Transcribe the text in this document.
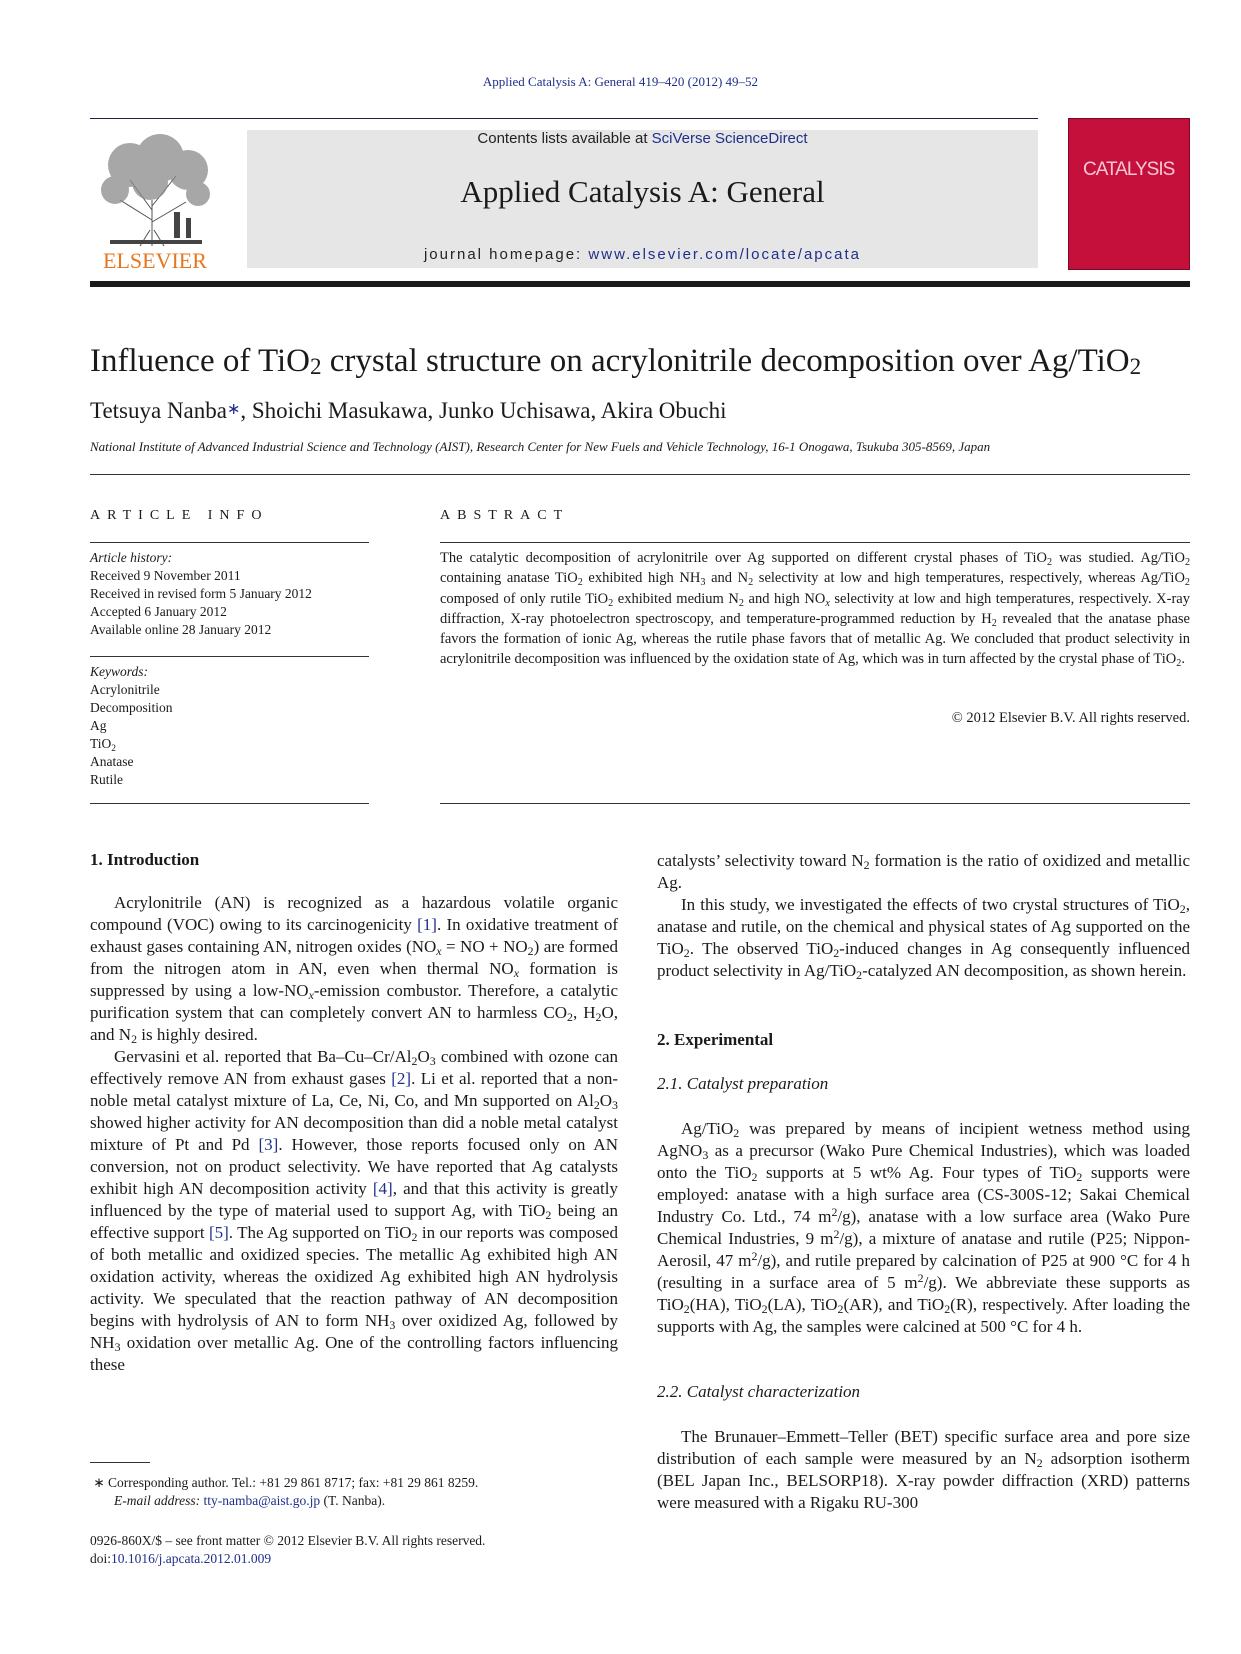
Applied Catalysis A: General 419–420 (2012) 49–52
ELSEVIER
Contents lists available at SciVerse ScienceDirect
Applied Catalysis A: General
journal homepage: www.elsevier.com/locate/apcata
CATALYSIS
Influence of TiO$_2$ crystal structure on acrylonitrile decomposition over Ag/TiO$_2$
Tetsuya Nanba∗, Shoichi Masukawa, Junko Uchisawa, Akira Obuchi
National Institute of Advanced Industrial Science and Technology (AIST), Research Center for New Fuels and Vehicle Technology, 16-1 Onogawa, Tsukuba 305-8569, Japan
ARTICLE INFO	ABSTRACT
Article history:
Received 9 November 2011
Received in revised form 5 January 2012
Accepted 6 January 2012
Available online 28 January 2012
Keywords:
Acrylonitrile
Decomposition
Ag
TiO$_2$
Anatase
Rutile
The catalytic decomposition of acrylonitrile over Ag supported on different crystal phases of TiO$_2$ was studied. Ag/TiO$_2$ containing anatase TiO$_2$ exhibited high $NH_3$ and $N_2$ selectivity at low and high temperatures, respectively, whereas Ag/TiO$_2$ composed of only rutile TiO$_2$ exhibited medium $N_2$ and high $NO_x$ selectivity at low and high temperatures, respectively. X-ray diffraction, X-ray photoelectron spectroscopy, and temperature-programmed reduction by $H_2$ revealed that the anatase phase favors the formation of ionic Ag, whereas the rutile phase favors that of metallic Ag. We concluded that product selectivity in acrylonitrile decomposition was influenced by the oxidation state of Ag, which was in turn affected by the crystal phase of TiO$_2$.
© 2012 Elsevier B.V. All rights reserved.
1. Introduction

Acrylonitrile (AN) is recognized as a hazardous volatile organic compound (VOC) owing to its carcinogenicity [1]. In oxidative treatment of exhaust gases containing AN, nitrogen oxides ($NO_x$ = NO + $NO_2$) are formed from the nitrogen atom in AN, even when thermal $NO_x$ formation is suppressed by using a low-$NO_x$-emission combustor. Therefore, a catalytic purification system that can completely convert AN to harmless $CO_2$, $H_2O$, and $N_2$ is highly desired.

Gervasini et al. reported that $Ba-Cu-Cr/Al_2O_3$ combined with ozone can effectively remove AN from exhaust gases [2]. Li et al. reported that a non-noble metal catalyst mixture of La, Ce, Ni, Co, and Mn supported on $Al_2O_3$ showed higher activity for AN decomposition than did a noble metal catalyst mixture of Pt and Pd [3]. However, those reports focused only on AN conversion, not on product selectivity. We have reported that Ag catalysts exhibit high AN decomposition activity [4], and that this activity is greatly influenced by the type of material used to support Ag, with TiO$_2$ being an effective support [5]. The Ag supported on TiO$_2$ in our reports was composed of both metallic and oxidized species. The metallic Ag exhibited high AN oxidation activity, whereas the oxidized Ag exhibited high AN hydrolysis activity. We speculated that the reaction pathway of AN decomposition begins with hydrolysis of AN to form $NH_3$ over oxidized Ag, followed by $NH_3$ oxidation over metallic Ag. One of the controlling factors influencing these

∗ Corresponding author. Tel.: +81 29 861 8717; fax: +81 29 861 8259.
E-mail address: tty-namba@aist.go.jp (T. Nanba).
0926-860X/$ – see front matter © 2012 Elsevier B.V. All rights reserved.
doi:10.1016/j.apcata.2012.01.009
catalysts’ selectivity toward $N_2$ formation is the ratio of oxidized and metallic Ag.

In this study, we investigated the effects of two crystal structures of TiO$_2$, anatase and rutile, on the chemical and physical states of Ag supported on the TiO$_2$. The observed TiO$_2$-induced changes in Ag consequently influenced product selectivity in Ag/TiO$_2$-catalyzed AN decomposition, as shown herein.

2. Experimental
2.1. Catalyst preparation

Ag/TiO$_2$ was prepared by means of incipient wetness method using AgNO$_3$ as a precursor (Wako Pure Chemical Industries), which was loaded onto the TiO$_2$ supports at 5 wt% Ag. Four types of TiO$_2$ supports were employed: anatase with a high surface area (CS-300S-12; Sakai Chemical Industry Co. Ltd., 74 $m^2/g$), anatase with a low surface area (Wako Pure Chemical Industries, 9 $m^2/g$), a mixture of anatase and rutile (P25; Nippon-Aerosil, 47 $m^2/g$), and rutile prepared by calcination of P25 at 900 °C for 4 h (resulting in a surface area of 5 $m^2/g$). We abbreviate these supports as TiO$_2$(HA), TiO$_2$(LA), TiO$_2$(AR), and TiO$_2$(R), respectively. After loading the supports with Ag, the samples were calcined at 500 °C for 4 h.

2.2. Catalyst characterization

The Brunauer–Emmett–Teller (BET) specific surface area and pore size distribution of each sample were measured by an $N_2$ adsorption isotherm (BEL Japan Inc., BELSORP18). X-ray powder diffraction (XRD) patterns were measured with a Rigaku RU-300
